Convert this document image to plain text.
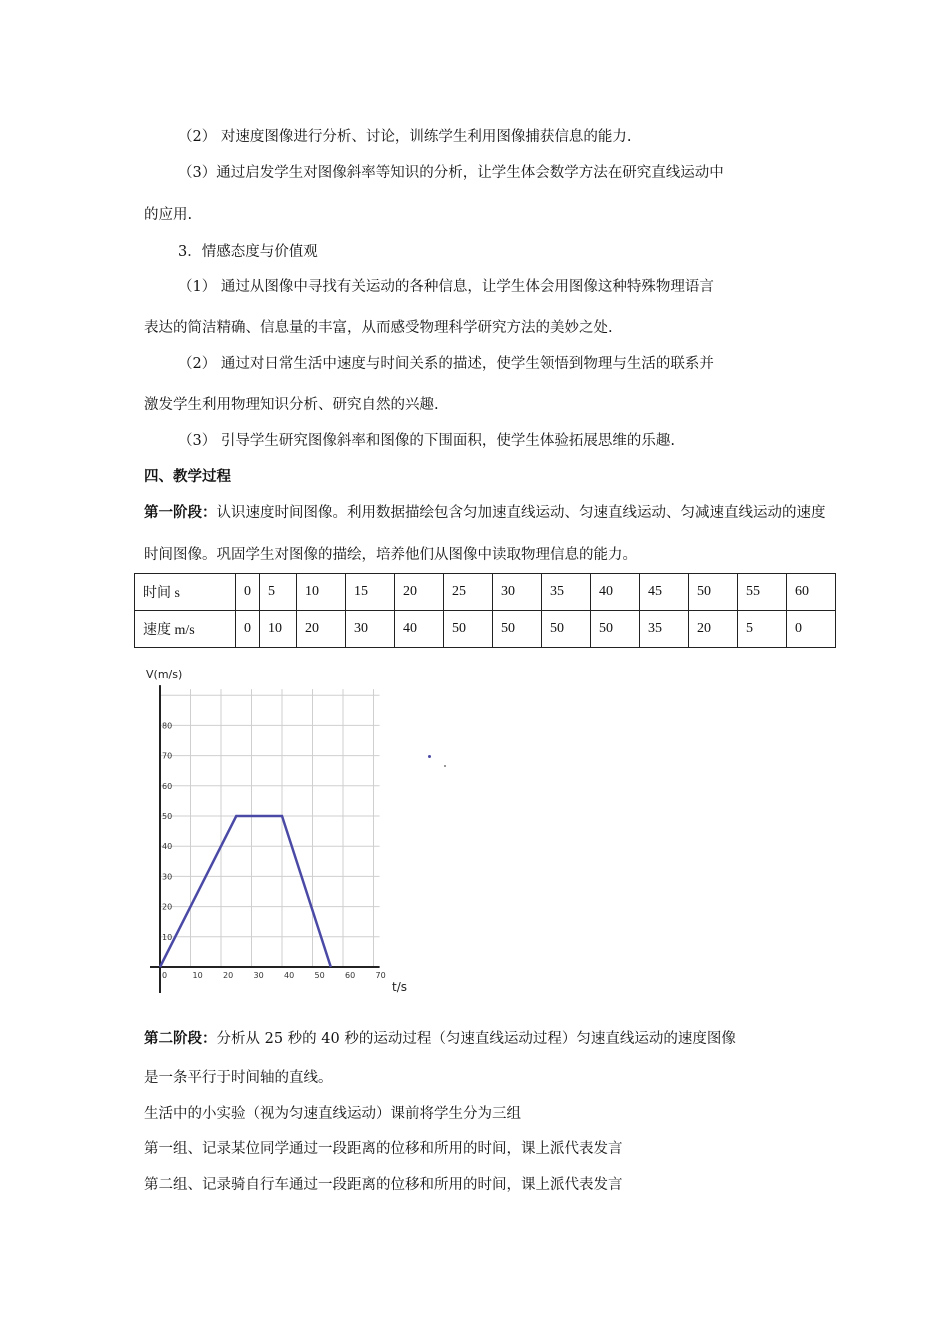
（2） 对速度图像进行分析、讨论，训练学生利用图像捕获信息的能力.
（3）通过启发学生对图像斜率等知识的分析，让学生体会数学方法在研究直线运动中
的应用.
3．情感态度与价值观
（1） 通过从图像中寻找有关运动的各种信息，让学生体会用图像这种特殊物理语言
表达的简洁精确、信息量的丰富，从而感受物理科学研究方法的美妙之处.
（2） 通过对日常生活中速度与时间关系的描述，使学生领悟到物理与生活的联系并
激发学生利用物理知识分析、研究自然的兴趣.
（3） 引导学生研究图像斜率和图像的下围面积，使学生体验拓展思维的乐趣.
四、教学过程
第一阶段：认识速度时间图像。利用数据描绘包含匀加速直线运动、匀速直线运动、匀减速直线运动的速度
时间图像。巩固学生对图像的描绘，培养他们从图像中读取物理信息的能力。
时间 s	0	5	10	15	20	25	30	35	40	45	50	55	60
速度 m/s	0	10	20	30	40	50	50	50	50	35	20	5	0
V(m/s)
t/s
0	10	20	30	40	50	60	70
10
20
30
40
50
60
70
80
第二阶段：分析从 25 秒的 40 秒的运动过程（匀速直线运动过程）匀速直线运动的速度图像
是一条平行于时间轴的直线。
生活中的小实验（视为匀速直线运动）课前将学生分为三组
第一组、记录某位同学通过一段距离的位移和所用的时间，课上派代表发言
第二组、记录骑自行车通过一段距离的位移和所用的时间，课上派代表发言
